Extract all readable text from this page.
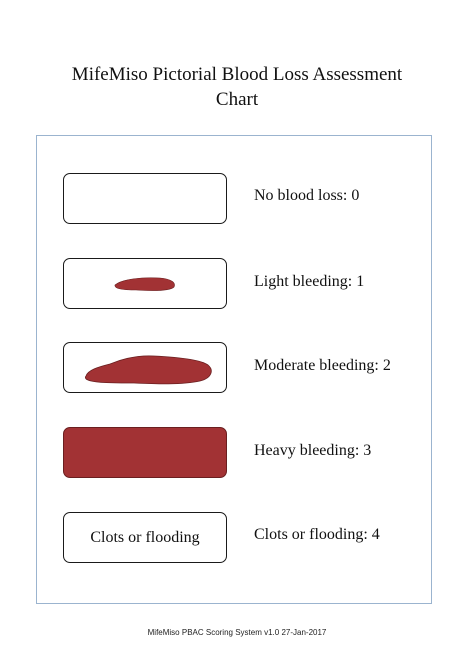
MifeMiso Pictorial Blood Loss Assessment
Chart
No blood loss: 0
Light bleeding: 1
Moderate bleeding: 2
Heavy bleeding: 3
Clots or flooding	Clots or flooding: 4
MifeMiso PBAC Scoring System v1.0 27-Jan-2017
